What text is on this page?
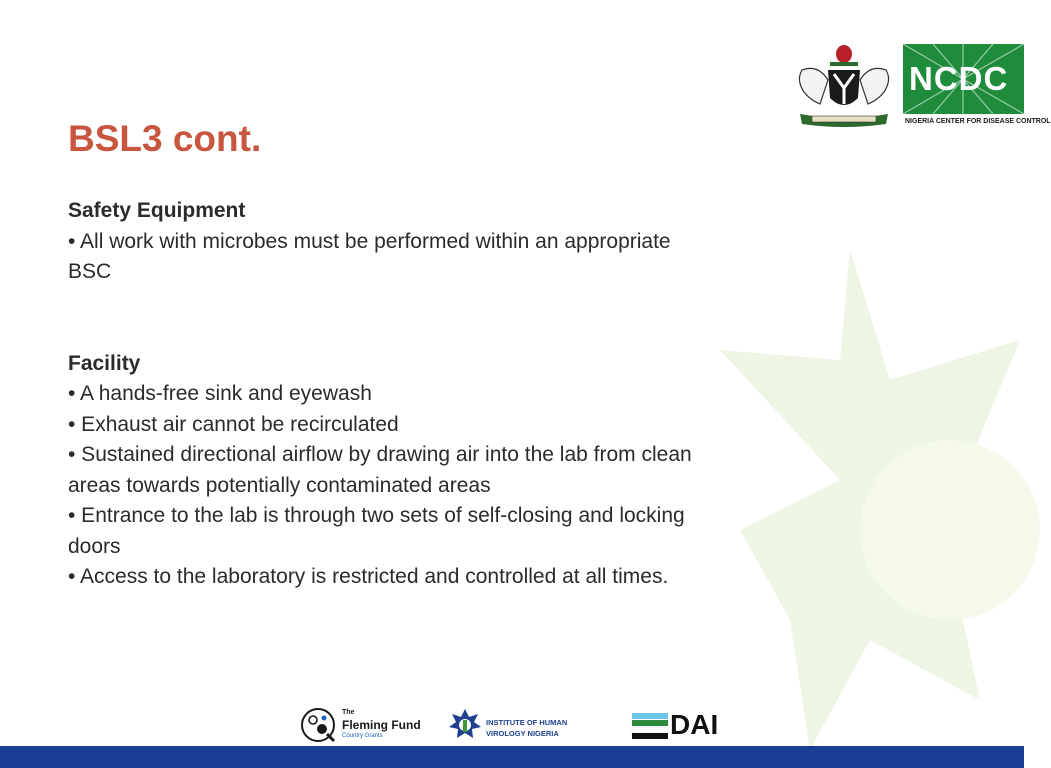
BSL3 cont.
Safety Equipment

• All work with microbes must be performed within an appropriate BSC

Facility

• A hands-free sink and eyewash

• Exhaust air cannot be recirculated

• Sustained directional airflow by drawing air into the lab from clean areas towards potentially contaminated areas

• Entrance to the lab is through two sets of self-closing and locking doors

• Access to the laboratory is restricted and controlled at all times.

NCDC
NIGERIA CENTER FOR DISEASE CONTROL
The
Fleming Fund
Country Grants
INSTITUTE OF HUMAN
VIROLOGY NIGERIA	DAI
